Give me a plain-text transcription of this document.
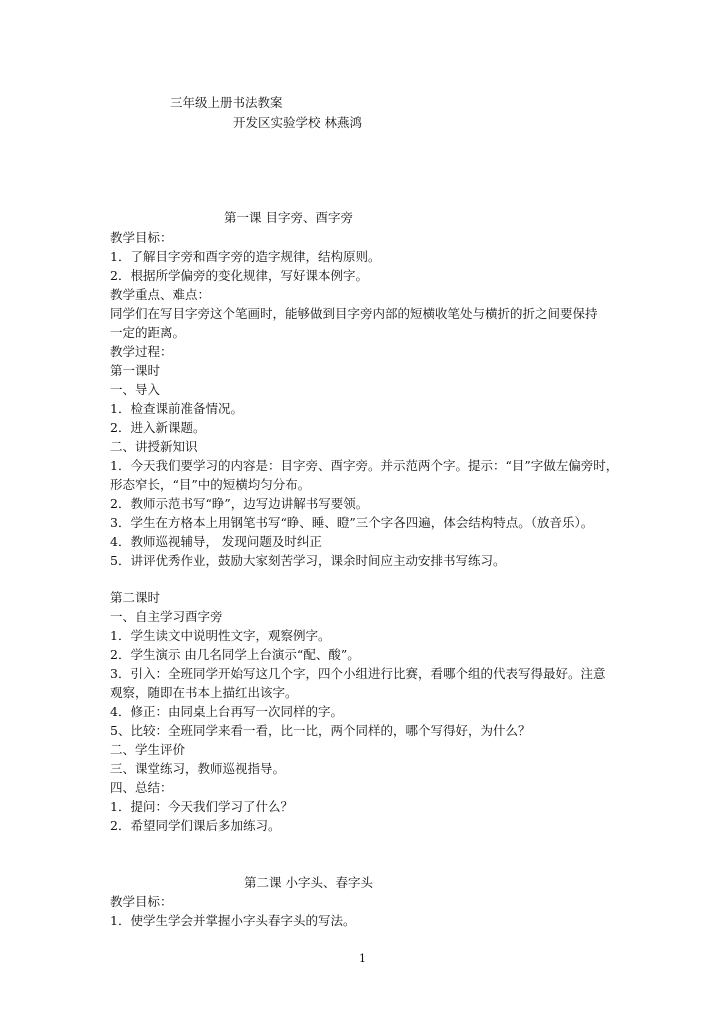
三年级上册书法教案
开发区实验学校 林燕鸿
第一课 目字旁、酉字旁
教学目标：
1．了解目字旁和酉字旁的造字规律，结构原则。
2．根据所学偏旁的变化规律，写好课本例字。
教学重点、难点：
同学们在写目字旁这个笔画时，能够做到目字旁内部的短横收笔处与横折的折之间要保持
一定的距离。
教学过程：
第一课时
一、导入
1．检查课前准备情况。
2．进入新课题。
二、讲授新知识
1．今天我们要学习的内容是：目字旁、酉字旁。并示范两个字。提示：“目”字做左偏旁时，
形态窄长，“目”中的短横均匀分布。
2．教师示范书写“睁”，边写边讲解书写要领。
3．学生在方格本上用钢笔书写“睁、睡、瞪”三个字各四遍，体会结构特点。（放音乐）。
4．教师巡视辅导， 发现问题及时纠正
5．讲评优秀作业，鼓励大家刻苦学习，课余时间应主动安排书写练习。
第二课时
一、自主学习酉字旁
1．学生读文中说明性文字，观察例字。
2．学生演示 由几名同学上台演示“配、酸”。
3．引入：全班同学开始写这几个字，四个小组进行比赛，看哪个组的代表写得最好。注意
观察，随即在书本上描红出该字。
4．修正：由同桌上台再写一次同样的字。
5、比较：全班同学来看一看，比一比，两个同样的，哪个写得好，为什么？
二、学生评价
三、课堂练习，教师巡视指导。
四、总结：
1．提问：今天我们学习了什么？
2．希望同学们课后多加练习。
第二课 小字头、春字头
教学目标：
1．使学生学会并掌握小字头春字头的写法。
1
